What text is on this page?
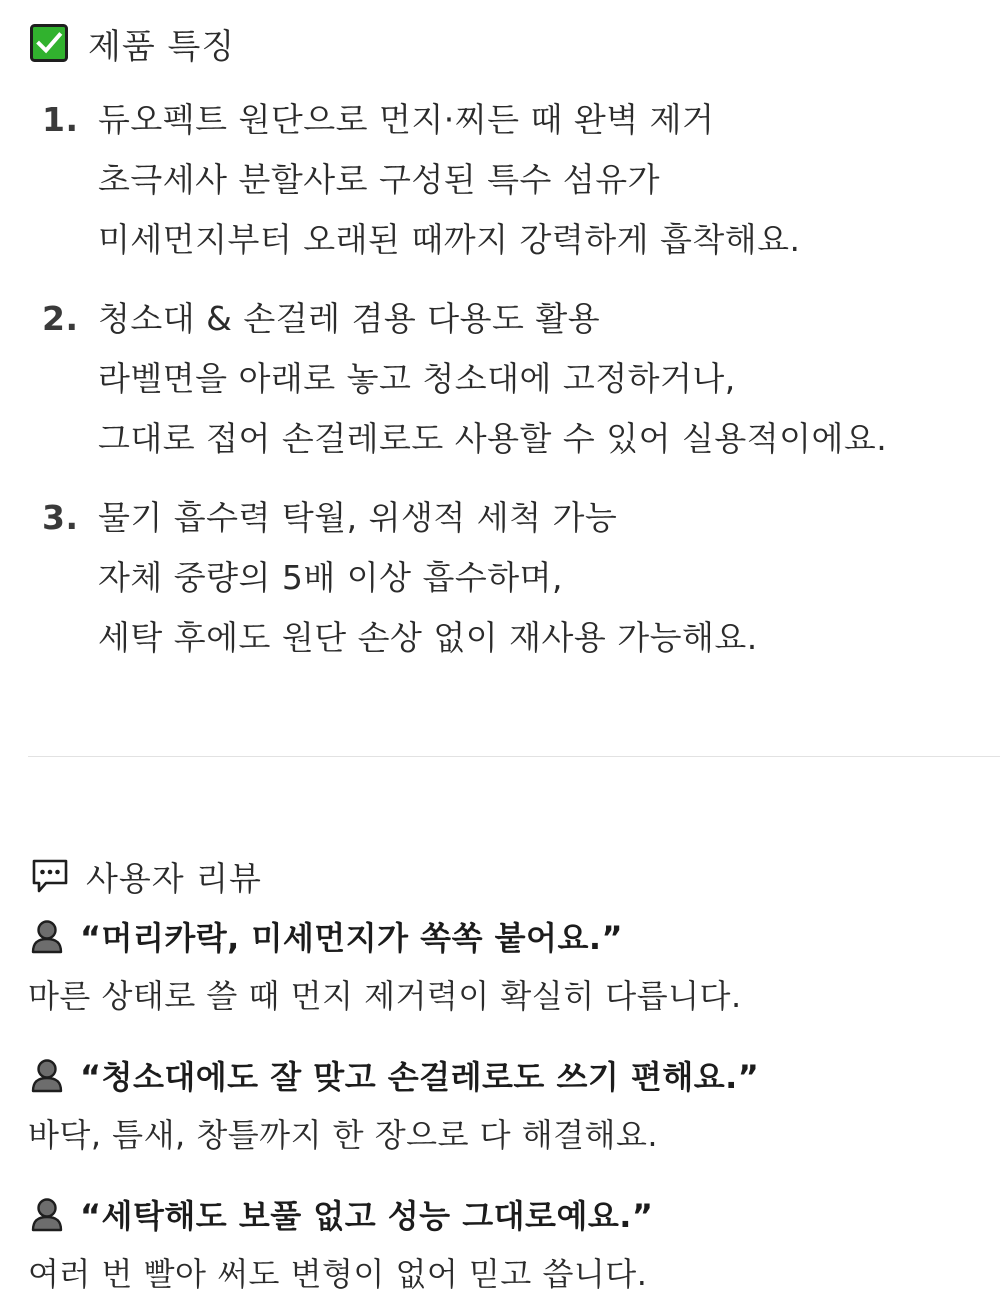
제품 특징
1. 듀오펙트 원단으로 먼지·찌든 때 완벽 제거
초극세사 분할사로 구성된 특수 섬유가
미세먼지부터 오래된 때까지 강력하게 흡착해요.
2. 청소대 & 손걸레 겸용 다용도 활용
라벨면을 아래로 놓고 청소대에 고정하거나,
그대로 접어 손걸레로도 사용할 수 있어 실용적이에요.
3. 물기 흡수력 탁월, 위생적 세척 가능
자체 중량의 5배 이상 흡수하며,
세탁 후에도 원단 손상 없이 재사용 가능해요.
사용자 리뷰
“머리카락, 미세먼지가 쏙쏙 붙어요.”
마른 상태로 쓸 때 먼지 제거력이 확실히 다릅니다.
“청소대에도 잘 맞고 손걸레로도 쓰기 편해요.”
바닥, 틈새, 창틀까지 한 장으로 다 해결해요.
“세탁해도 보풀 없고 성능 그대로예요.”
여러 번 빨아 써도 변형이 없어 믿고 씁니다.
